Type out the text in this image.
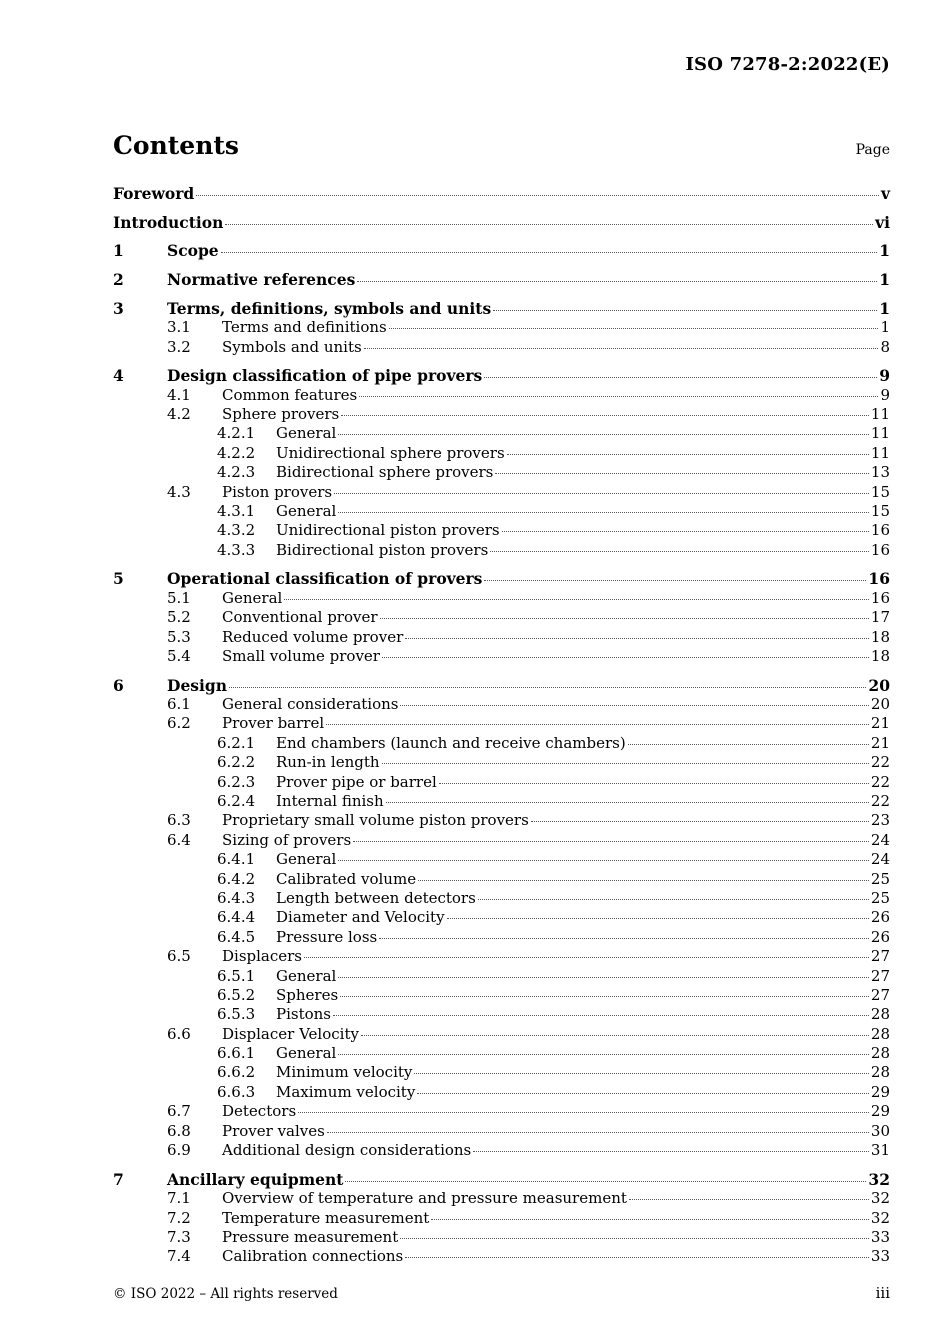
ISO 7278-2:2022(E)
Contents	Page
Foreword	v
Introduction	vi
1	Scope	1
2	Normative references	1
3	Terms, definitions, symbols and units	1
3.1	Terms and definitions	1
3.2	Symbols and units	8
4	Design classification of pipe provers	9
4.1	Common features	9
4.2	Sphere provers	11
4.2.1	General	11
4.2.2	Unidirectional sphere provers	11
4.2.3	Bidirectional sphere provers	13
4.3	Piston provers	15
4.3.1	General	15
4.3.2	Unidirectional piston provers	16
4.3.3	Bidirectional piston provers	16
5	Operational classification of provers	16
5.1	General	16
5.2	Conventional prover	17
5.3	Reduced volume prover	18
5.4	Small volume prover	18
6	Design	20
6.1	General considerations	20
6.2	Prover barrel	21
6.2.1	End chambers (launch and receive chambers)	21
6.2.2	Run-in length	22
6.2.3	Prover pipe or barrel	22
6.2.4	Internal finish	22
6.3	Proprietary small volume piston provers	23
6.4	Sizing of provers	24
6.4.1	General	24
6.4.2	Calibrated volume	25
6.4.3	Length between detectors	25
6.4.4	Diameter and Velocity	26
6.4.5	Pressure loss	26
6.5	Displacers	27
6.5.1	General	27
6.5.2	Spheres	27
6.5.3	Pistons	28
6.6	Displacer Velocity	28
6.6.1	General	28
6.6.2	Minimum velocity	28
6.6.3	Maximum velocity	29
6.7	Detectors	29
6.8	Prover valves	30
6.9	Additional design considerations	31
7	Ancillary equipment	32
7.1	Overview of temperature and pressure measurement	32
7.2	Temperature measurement	32
7.3	Pressure measurement	33
7.4	Calibration connections	33
© ISO 2022 – All rights reserved	iii
